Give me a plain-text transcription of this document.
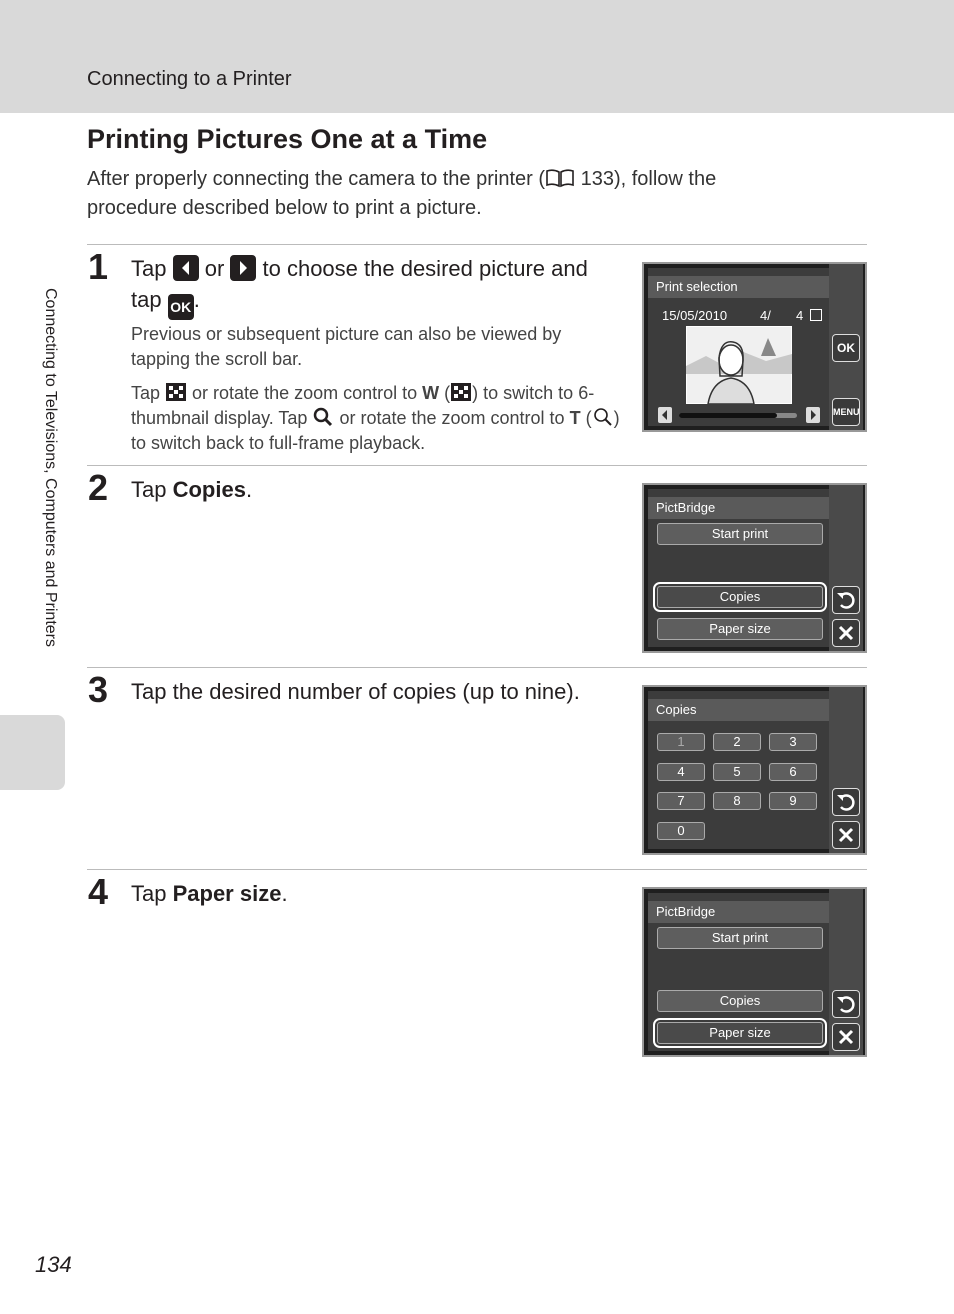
Connecting to a Printer
Connecting to Televisions, Computers and Printers
Printing Pictures One at a Time
After properly connecting the camera to the printer ( 133), follow the procedure described below to print a picture.
1 Tap
or
to choose the desired picture and tap OK .
Previous or subsequent picture can also be viewed by tapping the scroll bar.
Tap  or rotate the zoom control to W ( ) to switch to 6-thumbnail display. Tap  or rotate the zoom control to T ( ) to switch back to full-frame playback.
Print selection
15/05/2010	4/ 4
OK
MENU
2 Tap Copies.
PictBridge
Start print
Copies
Paper size
3 Tap the desired number of copies (up to nine).
Copies
1	2	3
4	5	6
7	8	9
0
4 Tap Paper size.
PictBridge
Start print
Copies
Paper size
134
